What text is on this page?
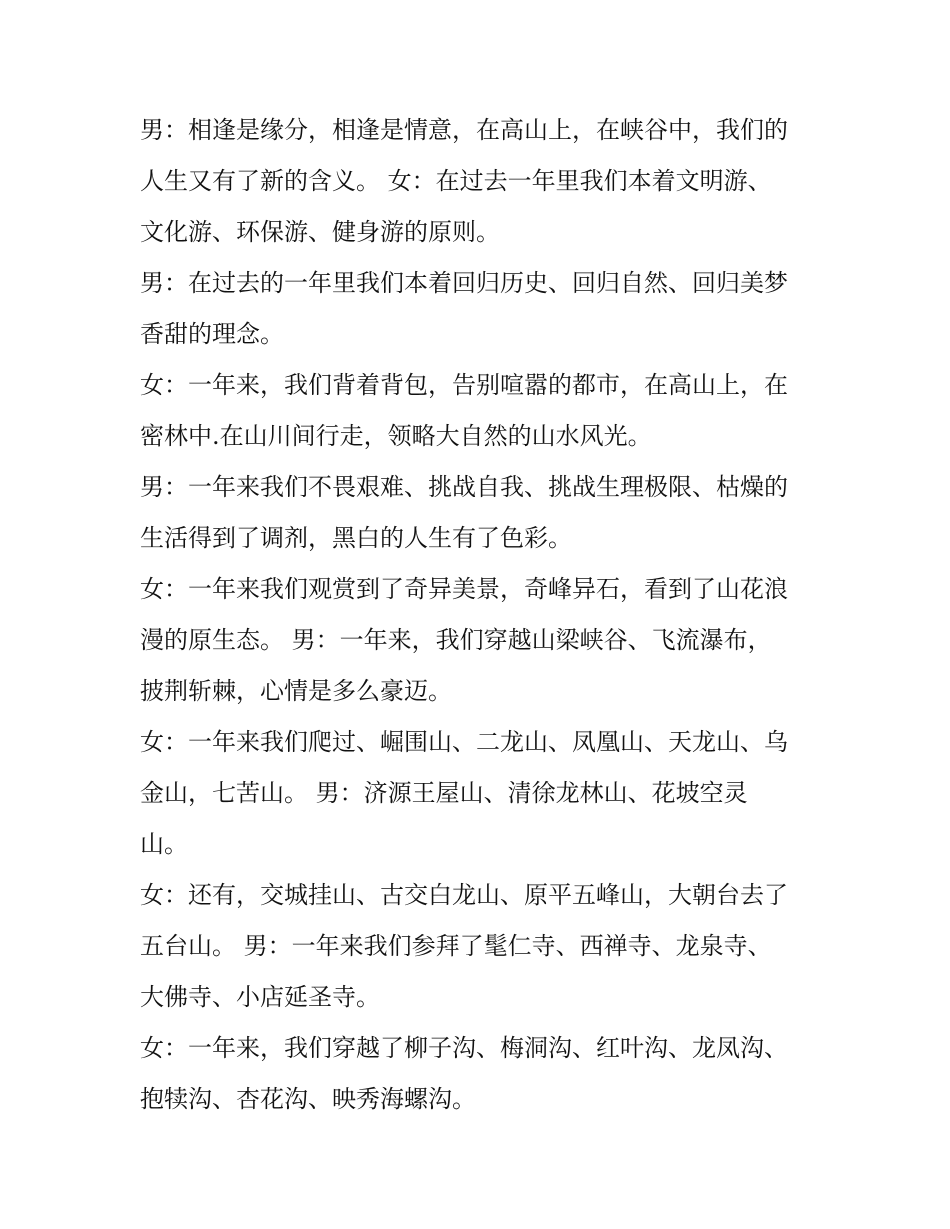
男：相逢是缘分，相逢是情意，在高山上，在峡谷中，我们的
人生又有了新的含义。 女：在过去一年里我们本着文明游、
文化游、环保游、健身游的原则。
男：在过去的一年里我们本着回归历史、回归自然、回归美梦
香甜的理念。
女：一年来，我们背着背包，告别喧嚣的都市，在高山上，在
密林中.在山川间行走，领略大自然的山水风光。
男：一年来我们不畏艰难、挑战自我、挑战生理极限、枯燥的
生活得到了调剂，黑白的人生有了色彩。
女：一年来我们观赏到了奇异美景，奇峰异石，看到了山花浪
漫的原生态。 男：一年来，我们穿越山梁峡谷、飞流瀑布，
披荆斩棘，心情是多么豪迈。
女：一年来我们爬过、崛围山、二龙山、凤凰山、天龙山、乌
金山，七苦山。 男：济源王屋山、清徐龙林山、花坡空灵
山。
女：还有，交城挂山、古交白龙山、原平五峰山，大朝台去了
五台山。 男：一年来我们参拜了髦仁寺、西禅寺、龙泉寺、
大佛寺、小店延圣寺。
女：一年来，我们穿越了柳子沟、梅洞沟、红叶沟、龙凤沟、
抱犊沟、杏花沟、映秀海螺沟。
